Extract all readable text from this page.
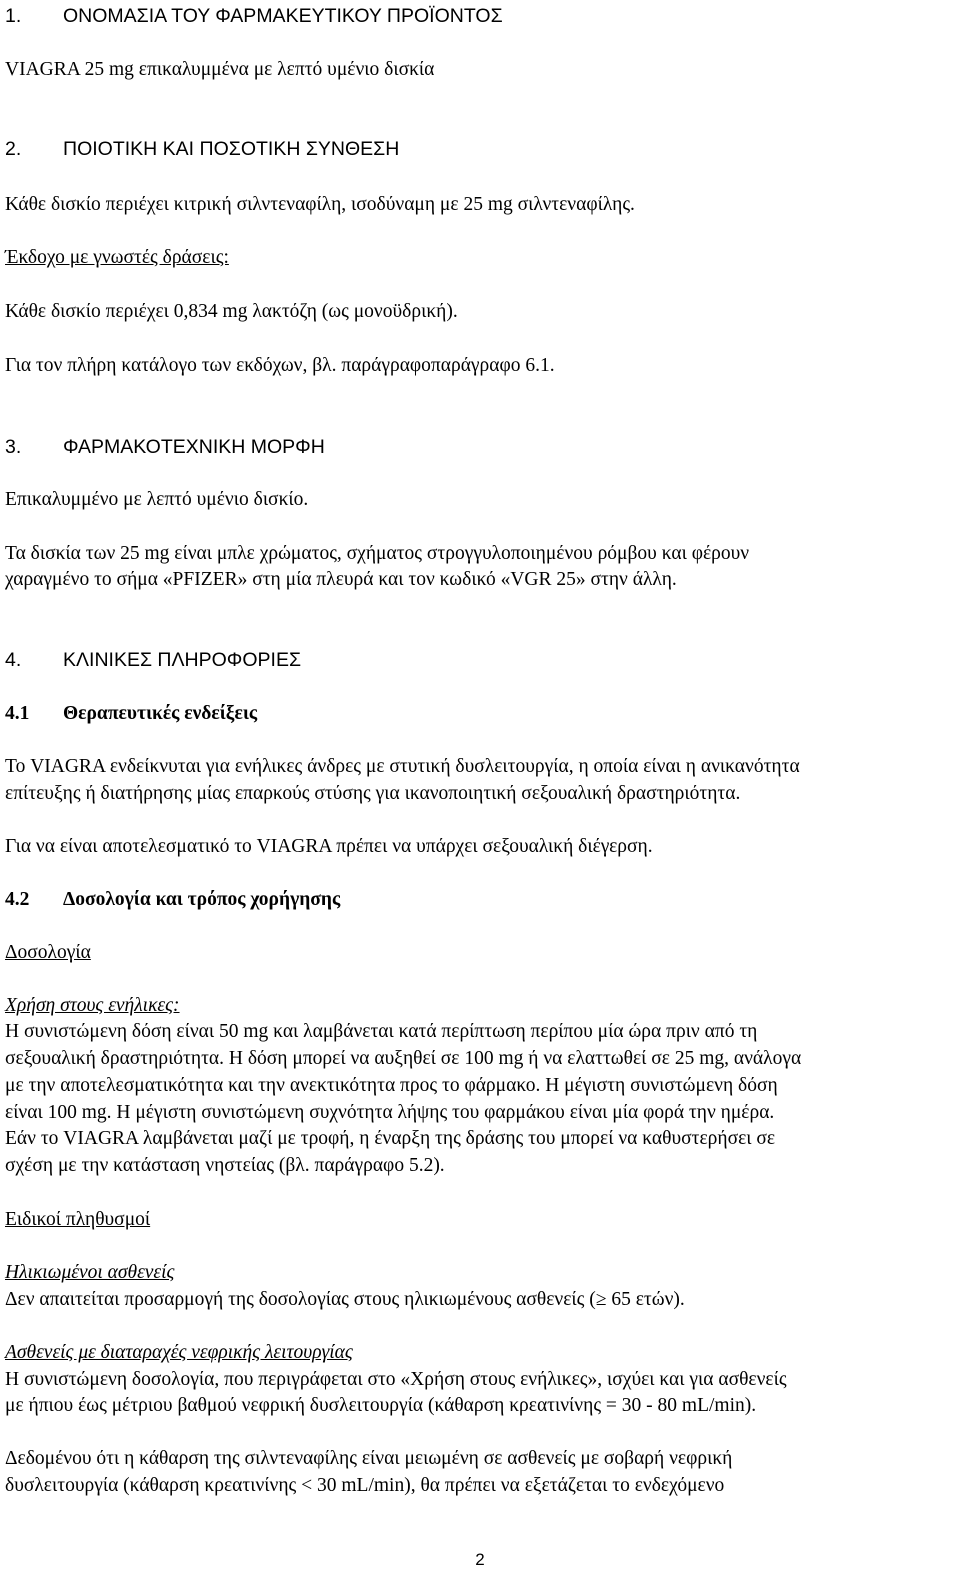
1. ΟΝΟΜΑΣΙΑ ΤΟΥ ΦΑΡΜΑΚΕΥΤΙΚΟΥ ΠΡΟΪΟΝΤΟΣ
VIAGRA 25 mg επικαλυμμένα με λεπτό υμένιο δισκία
2. ΠΟΙΟΤΙΚΗ ΚΑΙ ΠΟΣΟΤΙΚΗ ΣΥΝΘΕΣΗ
Κάθε δισκίο περιέχει κιτρική σιλντεναφίλη, ισοδύναμη με 25 mg σιλντεναφίλης.
Έκδοχο με γνωστές δράσεις:
Κάθε δισκίο περιέχει 0,834 mg λακτόζη (ως μονοϋδρική).
Για τον πλήρη κατάλογο των εκδόχων, βλ. παράγραφοπαράγραφο 6.1.
3. ΦΑΡΜΑΚΟΤΕΧΝΙΚΗ ΜΟΡΦΗ
Επικαλυμμένο με λεπτό υμένιο δισκίο.
Τα δισκία των 25 mg είναι μπλε χρώματος, σχήματος στρογγυλοποιημένου ρόμβου και φέρουν
χαραγμένο το σήμα «PFIZER» στη μία πλευρά και τον κωδικό «VGR 25» στην άλλη.
4. ΚΛΙΝΙΚΕΣ ΠΛΗΡΟΦΟΡΙΕΣ
4.1 Θεραπευτικές ενδείξεις
Το VIAGRA ενδείκνυται για ενήλικες άνδρες με στυτική δυσλειτουργία, η οποία είναι η ανικανότητα
επίτευξης ή διατήρησης μίας επαρκούς στύσης για ικανοποιητική σεξουαλική δραστηριότητα.
Για να είναι αποτελεσματικό το VIAGRA πρέπει να υπάρχει σεξουαλική διέγερση.
4.2 Δοσολογία και τρόπος χορήγησης
Δοσολογία
Χρήση στους ενήλικες:
Η συνιστώμενη δόση είναι 50 mg και λαμβάνεται κατά περίπτωση περίπου μία ώρα πριν από τη
σεξουαλική δραστηριότητα. Η δόση μπορεί να αυξηθεί σε 100 mg ή να ελαττωθεί σε 25 mg, ανάλογα
με την αποτελεσματικότητα και την ανεκτικότητα προς το φάρμακο. Η μέγιστη συνιστώμενη δόση
είναι 100 mg. Η μέγιστη συνιστώμενη συχνότητα λήψης του φαρμάκου είναι μία φορά την ημέρα.
Εάν το VIAGRA λαμβάνεται μαζί με τροφή, η έναρξη της δράσης του μπορεί να καθυστερήσει σε
σχέση με την κατάσταση νηστείας (βλ. παράγραφο 5.2).
Ειδικοί πληθυσμοί
Ηλικιωμένοι ασθενείς
Δεν απαιτείται προσαρμογή της δοσολογίας στους ηλικιωμένους ασθενείς (≥ 65 ετών).
Ασθενείς με διαταραχές νεφρικής λειτουργίας
Η συνιστώμενη δοσολογία, που περιγράφεται στο «Χρήση στους ενήλικες», ισχύει και για ασθενείς
με ήπιου έως μέτριου βαθμού νεφρική δυσλειτουργία (κάθαρση κρεατινίνης = 30 - 80 mL/min).
Δεδομένου ότι η κάθαρση της σιλντεναφίλης είναι μειωμένη σε ασθενείς με σοβαρή νεφρική
δυσλειτουργία (κάθαρση κρεατινίνης < 30 mL/min), θα πρέπει να εξετάζεται το ενδεχόμενο
2
